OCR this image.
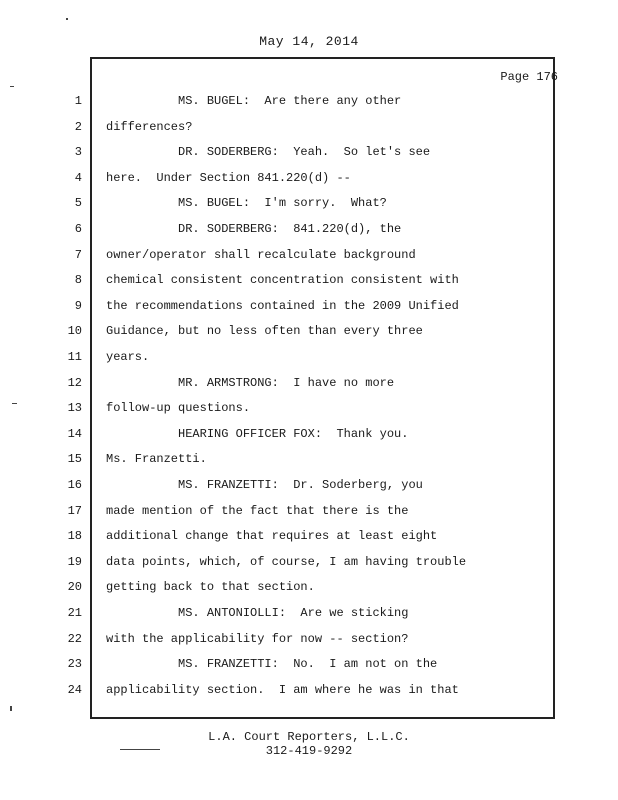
May 14, 2014
Page 176
1 MS. BUGEL:  Are there any other
2 differences?
3 DR. SODERBERG:  Yeah.  So let's see
4 here.  Under Section 841.220(d) --
5 MS. BUGEL:  I'm sorry.  What?
6 DR. SODERBERG:  841.220(d), the
7 owner/operator shall recalculate background
8 chemical consistent concentration consistent with
9 the recommendations contained in the 2009 Unified
10 Guidance, but no less often than every three
11 years.
12 MR. ARMSTRONG:  I have no more
13 follow-up questions.
14 HEARING OFFICER FOX:  Thank you.
15 Ms. Franzetti.
16 MS. FRANZETTI:  Dr. Soderberg, you
17 made mention of the fact that there is the
18 additional change that requires at least eight
19 data points, which, of course, I am having trouble
20 getting back to that section.
21 MS. ANTONIOLLI:  Are we sticking
22 with the applicability for now -- section?
23 MS. FRANZETTI:  No.  I am not on the
24 applicability section.  I am where he was in that
L.A. Court Reporters, L.L.C.
312-419-9292
